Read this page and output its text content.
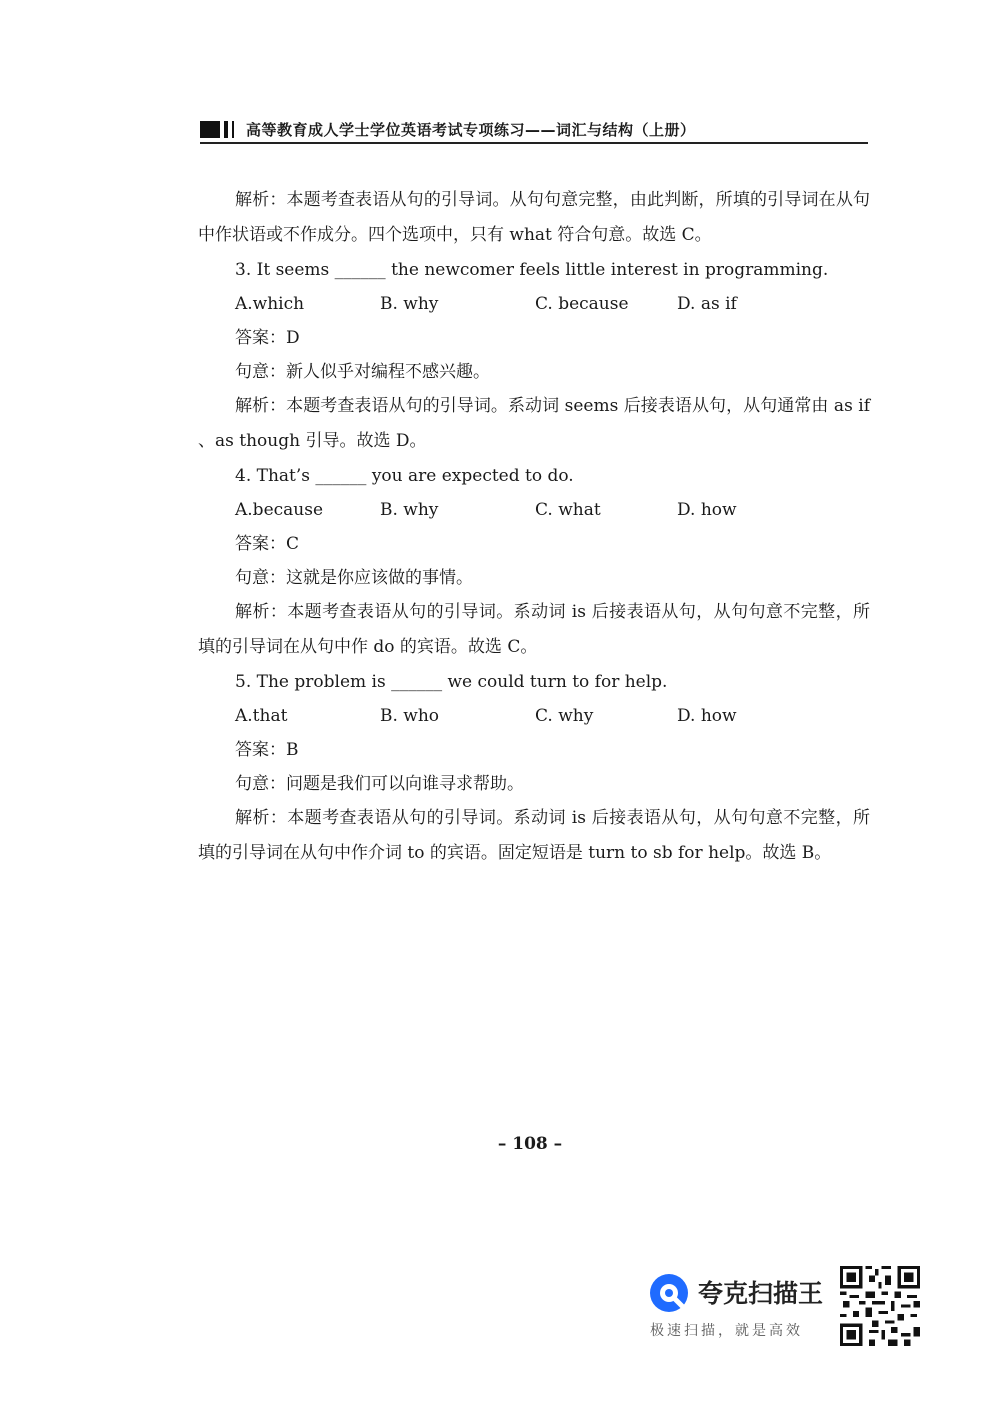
高等教育成人学士学位英语考试专项练习——词汇与结构（上册）

解析：本题考查表语从句的引导词。从句句意完整，由此判断，所填的引导词在从句中作状语或不作成分。四个选项中，只有 what 符合句意。故选 C。

3. It seems ______ the newcomer feels little interest in programming.

A.which	B. why	C. because	D. as if

答案：D

句意：新人似乎对编程不感兴趣。

解析：本题考查表语从句的引导词。系动词 seems 后接表语从句，从句通常由 as if 、as though 引导。故选 D。

4. That’s ______ you are expected to do.

A.because	B. why	C. what	D. how

答案：C

句意：这就是你应该做的事情。

解析：本题考查表语从句的引导词。系动词 is 后接表语从句，从句句意不完整，所填的引导词在从句中作 do 的宾语。故选 C。

5. The problem is ______ we could turn to for help.

A.that	B. who	C. why	D. how

答案：B

句意：问题是我们可以向谁寻求帮助。

解析：本题考查表语从句的引导词。系动词 is 后接表语从句，从句句意不完整，所填的引导词在从句中作介词 to 的宾语。固定短语是 turn to sb for help。故选 B。

– 108 –
夸克扫描王
极速扫描，就是高效
